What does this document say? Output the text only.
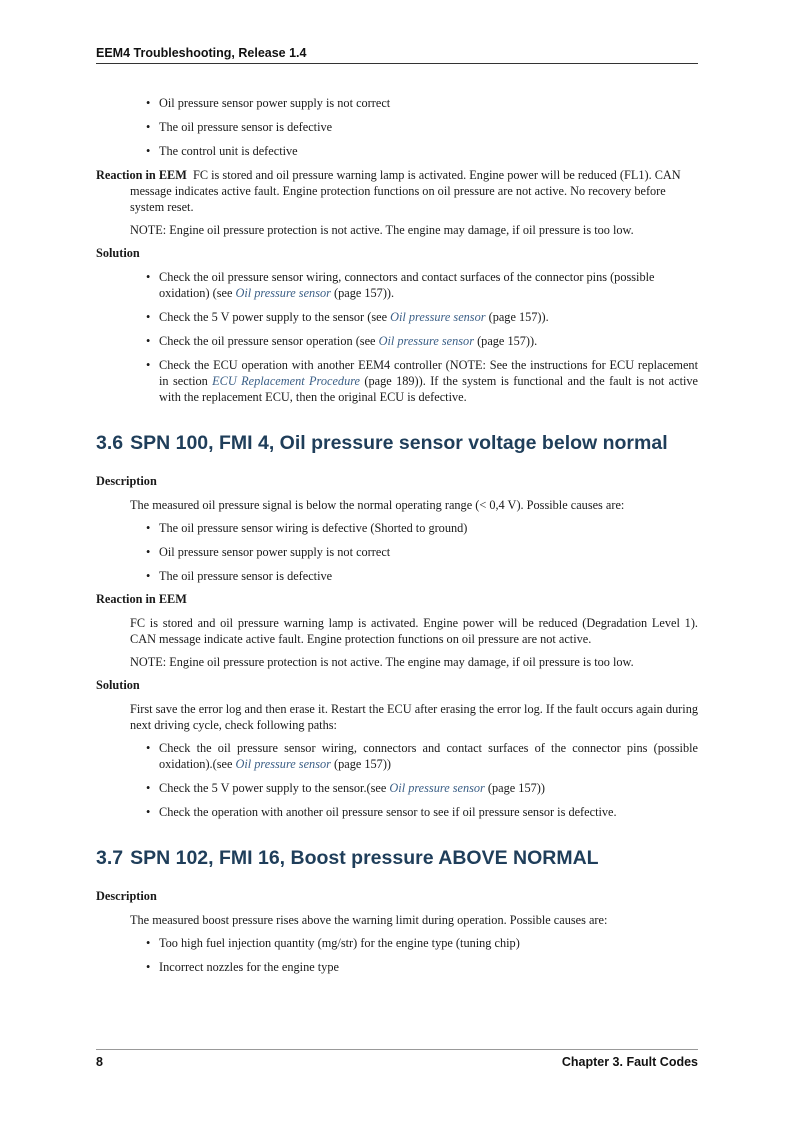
EEM4 Troubleshooting, Release 1.4
• Oil pressure sensor power supply is not correct
• The oil pressure sensor is defective
• The control unit is defective
Reaction in EEM FC is stored and oil pressure warning lamp is activated. Engine power will be reduced (FL1). CAN message indicates active fault. Engine protection functions on oil pressure are not active. No recovery before system reset.

NOTE: Engine oil pressure protection is not active. The engine may damage, if oil pressure is too low.

Solution
• Check the oil pressure sensor wiring, connectors and contact surfaces of the connector pins (possible oxidation) (see Oil pressure sensor (page 157)).
• Check the 5 V power supply to the sensor (see Oil pressure sensor (page 157)).
• Check the oil pressure sensor operation (see Oil pressure sensor (page 157)).
• Check the ECU operation with another EEM4 controller (NOTE: See the instructions for ECU replacement in section ECU Replacement Procedure (page 189)). If the system is functional and the fault is not active with the replacement ECU, then the original ECU is defective.
3.6 SPN 100, FMI 4, Oil pressure sensor voltage below normal
Description

The measured oil pressure signal is below the normal operating range (< 0,4 V). Possible causes are:

• The oil pressure sensor wiring is defective (Shorted to ground)
• Oil pressure sensor power supply is not correct
• The oil pressure sensor is defective
Reaction in EEM

FC is stored and oil pressure warning lamp is activated. Engine power will be reduced (Degradation Level 1). CAN message indicate active fault. Engine protection functions on oil pressure are not active.

NOTE: Engine oil pressure protection is not active. The engine may damage, if oil pressure is too low.

Solution

First save the error log and then erase it. Restart the ECU after erasing the error log. If the fault occurs again during next driving cycle, check following paths:

• Check the oil pressure sensor wiring, connectors and contact surfaces of the connector pins (possible oxidation).(see Oil pressure sensor (page 157))
• Check the 5 V power supply to the sensor.(see Oil pressure sensor (page 157))
• Check the operation with another oil pressure sensor to see if oil pressure sensor is defective.
3.7 SPN 102, FMI 16, Boost pressure ABOVE NORMAL
Description

The measured boost pressure rises above the warning limit during operation. Possible causes are:

• Too high fuel injection quantity (mg/str) for the engine type (tuning chip)
• Incorrect nozzles for the engine type
8	Chapter 3. Fault Codes
